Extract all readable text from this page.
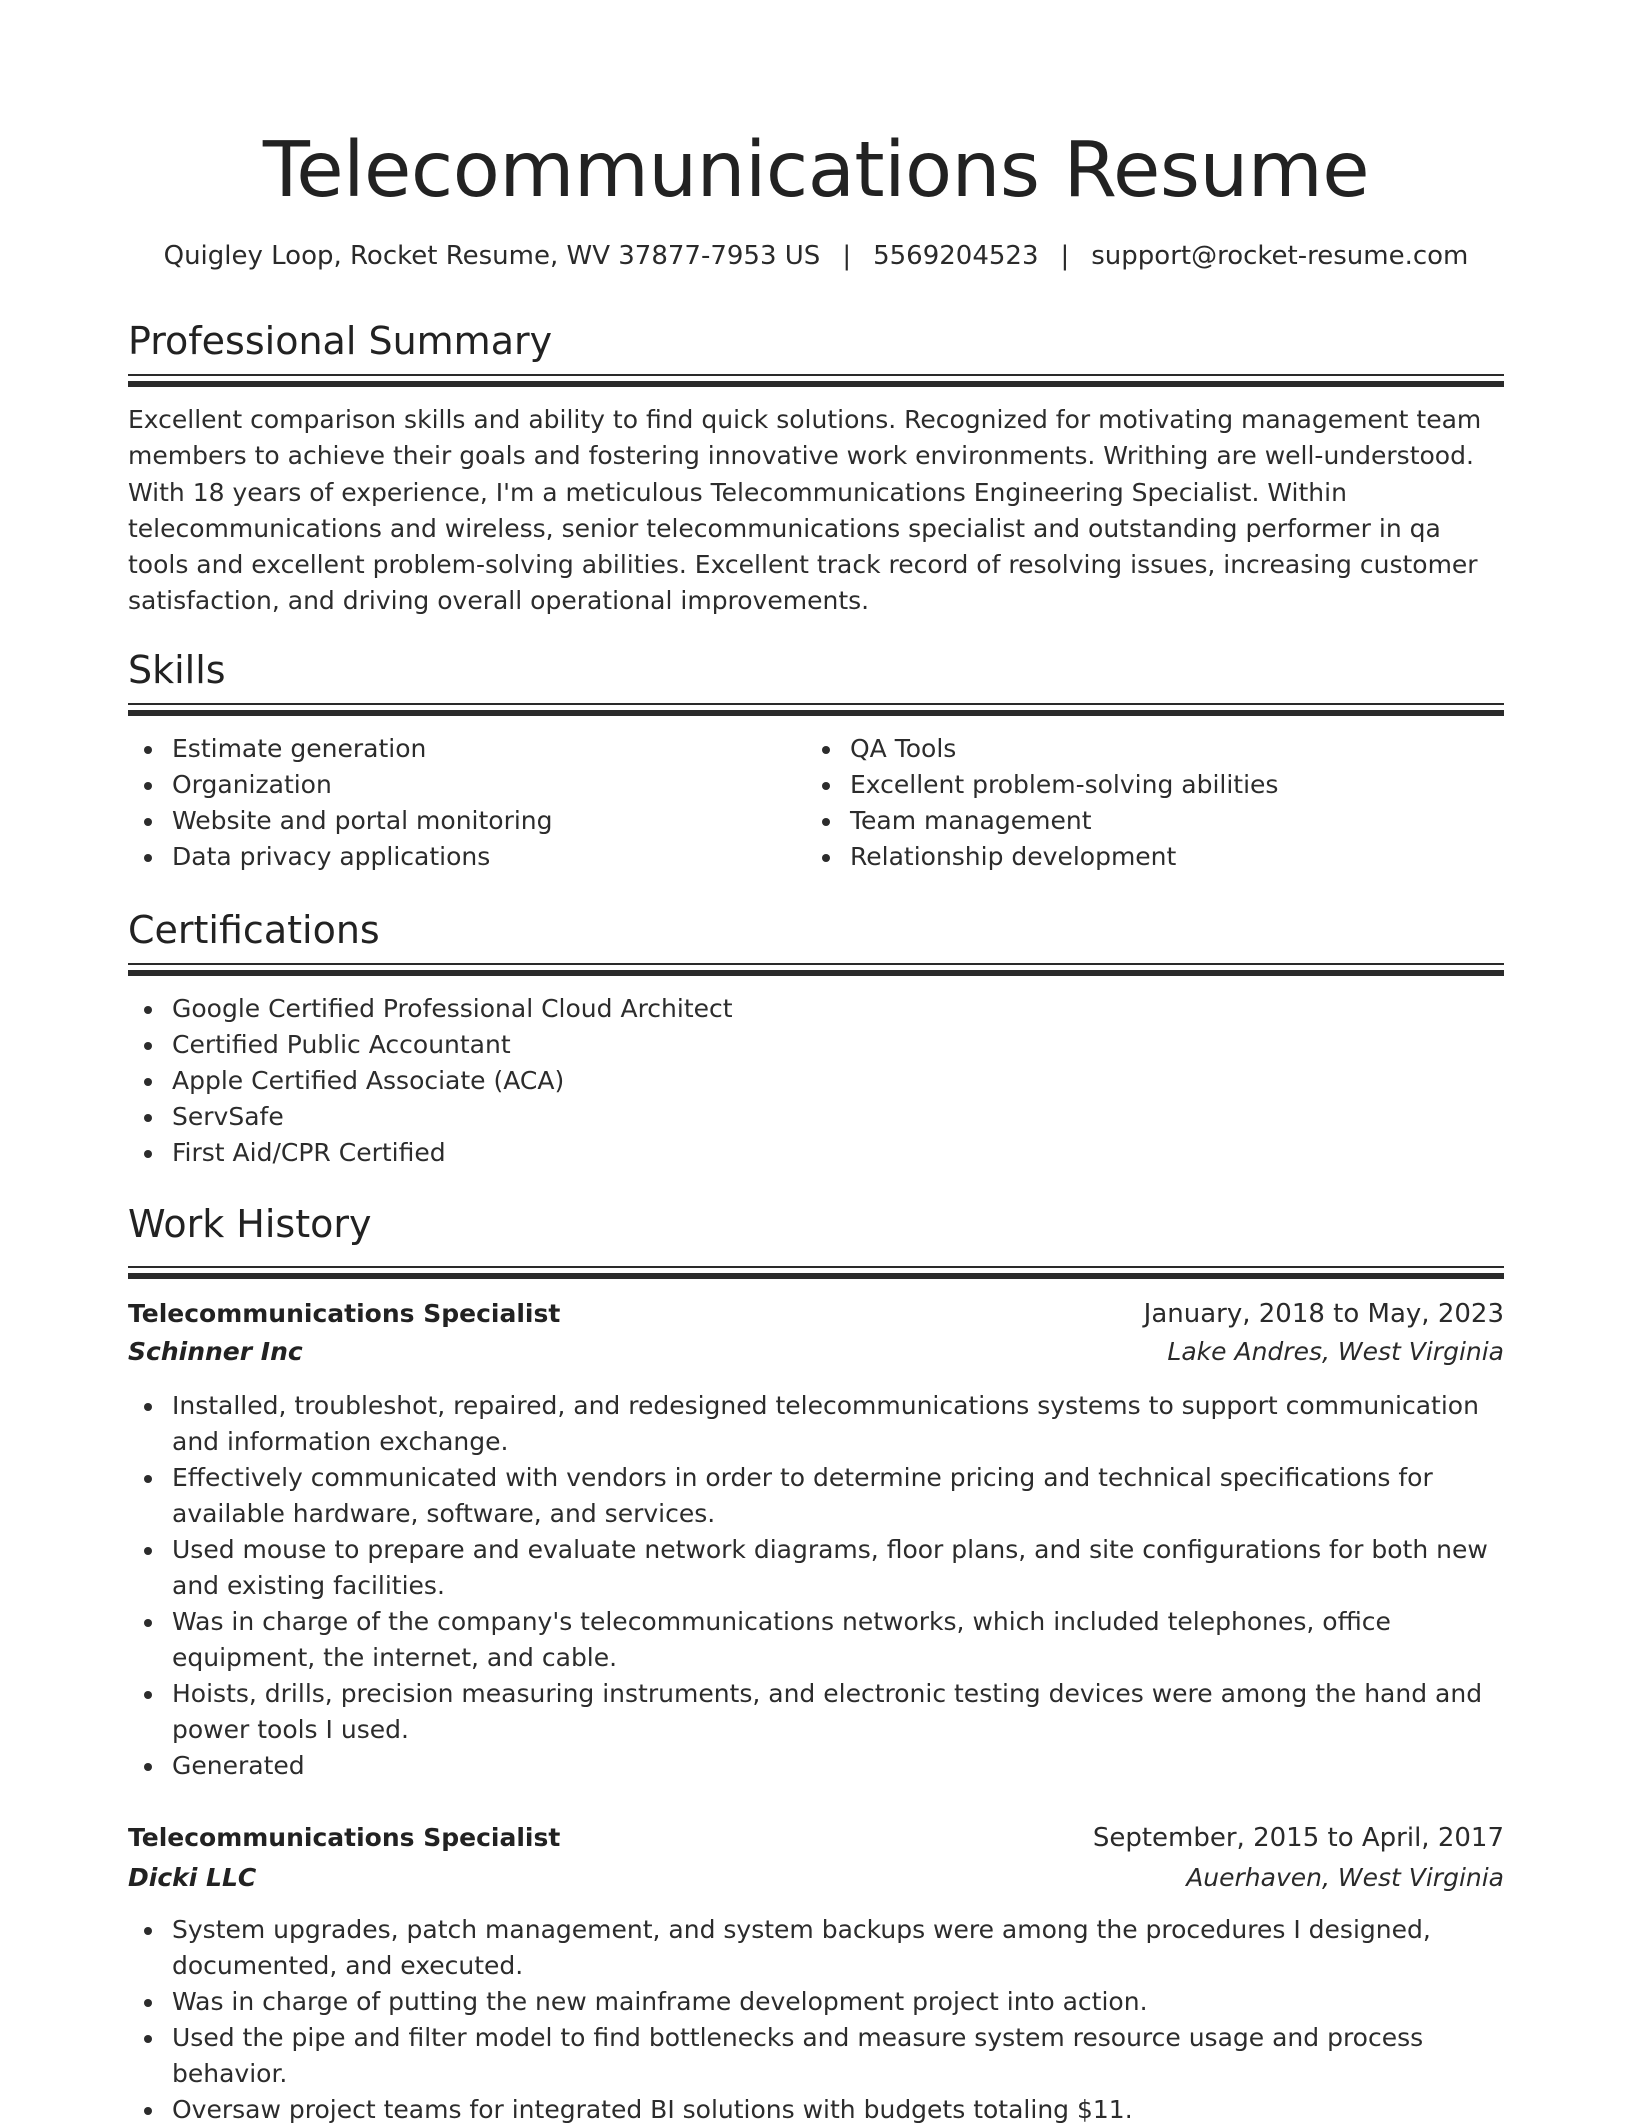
Telecommunications Resume
Quigley Loop, Rocket Resume, WV 37877-7953 US | 5569204523 | support@rocket-resume.com
Professional Summary

Excellent comparison skills and ability to find quick solutions. Recognized for motivating management team members to achieve their goals and fostering innovative work environments. Writhing are well-understood. With 18 years of experience, I'm a meticulous Telecommunications Engineering Specialist. Within telecommunications and wireless, senior telecommunications specialist and outstanding performer in qa tools and excellent problem-solving abilities. Excellent track record of resolving issues, increasing customer satisfaction, and driving overall operational improvements.

Skills
Estimate generation
Organization
Website and portal monitoring
Data privacy applications
QA Tools
Excellent problem-solving abilities
Team management
Relationship development
Certifications
Google Certified Professional Cloud Architect
Certified Public Accountant
Apple Certified Associate (ACA)
ServSafe
First Aid/CPR Certified
Work History
Telecommunications Specialist	January, 2018 to May, 2023
Schinner Inc	Lake Andres, West Virginia
Installed, troubleshot, repaired, and redesigned telecommunications systems to support communication and information exchange.
Effectively communicated with vendors in order to determine pricing and technical specifications for available hardware, software, and services.
Used mouse to prepare and evaluate network diagrams, floor plans, and site configurations for both new and existing facilities.
Was in charge of the company's telecommunications networks, which included telephones, office equipment, the internet, and cable.
Hoists, drills, precision measuring instruments, and electronic testing devices were among the hand and power tools I used.
Generated
Telecommunications Specialist	September, 2015 to April, 2017
Dicki LLC	Auerhaven, West Virginia
System upgrades, patch management, and system backups were among the procedures I designed, documented, and executed.
Was in charge of putting the new mainframe development project into action.
Used the pipe and filter model to find bottlenecks and measure system resource usage and process behavior.
Oversaw project teams for integrated BI solutions with budgets totaling $11.
